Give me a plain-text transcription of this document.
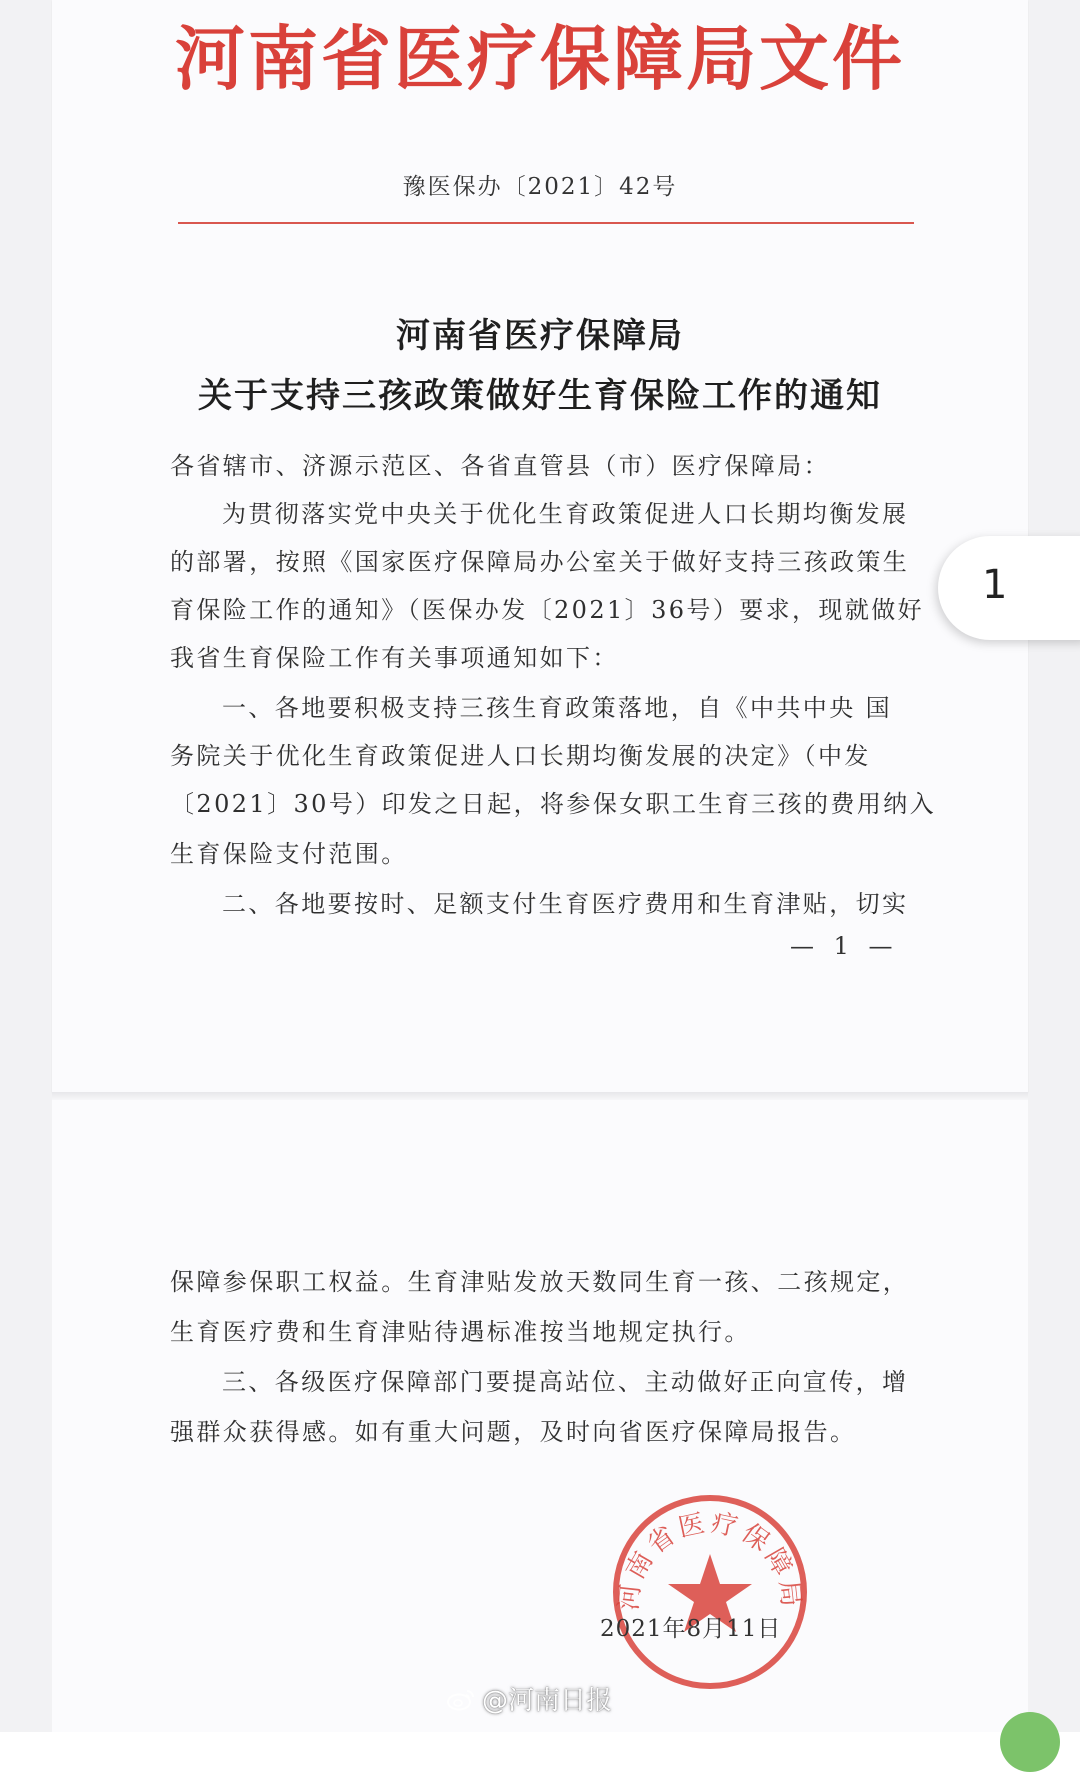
河南省医疗保障局文件
豫医保办〔2021〕42号
河南省医疗保障局
关于支持三孩政策做好生育保险工作的通知
各省辖市、济源示范区、各省直管县（市）医疗保障局：
为贯彻落实党中央关于优化生育政策促进人口长期均衡发展
的部署，按照《国家医疗保障局办公室关于做好支持三孩政策生
育保险工作的通知》（医保办发〔2021〕36号）要求，现就做好
我省生育保险工作有关事项通知如下：
一、各地要积极支持三孩生育政策落地，自《中共中央 国
务院关于优化生育政策促进人口长期均衡发展的决定》（中发
〔2021〕30号）印发之日起，将参保女职工生育三孩的费用纳入
生育保险支付范围。
二、各地要按时、足额支付生育医疗费用和生育津贴，切实
— 1 —
1
保障参保职工权益。生育津贴发放天数同生育一孩、二孩规定，
生育医疗费和生育津贴待遇标准按当地规定执行。
三、各级医疗保障部门要提高站位、主动做好正向宣传，增
强群众获得感。如有重大问题，及时向省医疗保障局报告。
河南省医疗保障局
2021年8月11日
@河南日报
